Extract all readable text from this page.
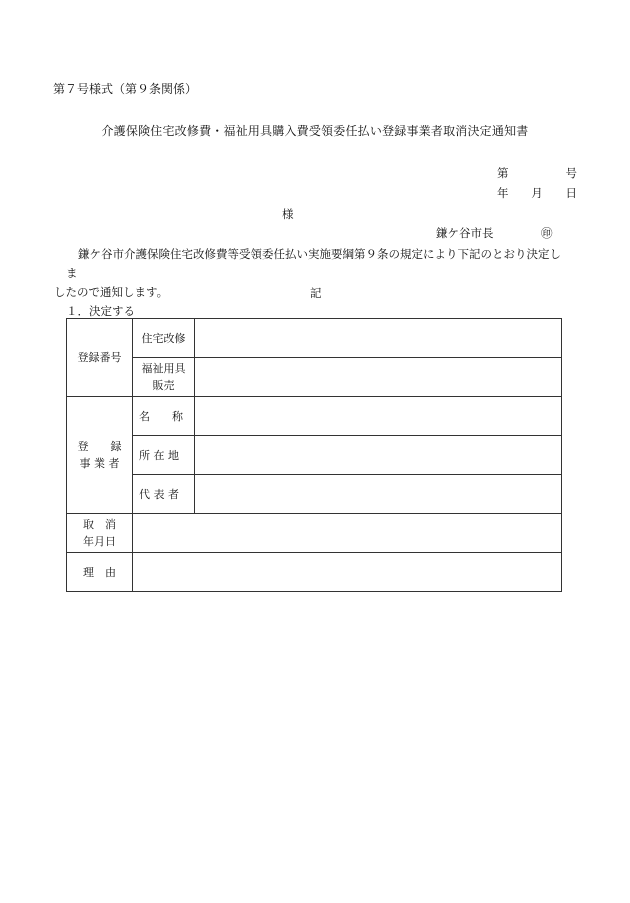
第７号様式（第９条関係）
介護保険住宅改修費・福祉用具購入費受領委任払い登録事業者取消決定通知書
第	号
年 月 日
様
鎌ケ谷市長	㊞
鎌ケ谷市介護保険住宅改修費等受領委任払い実施要綱第９条の規定により下記のとおり決定しま
したので通知します。	記
１．決定する
登録番号	住宅改修	

	福祉用具
販売	

登　　録
事 業 者	名　　称	
	所 在 地	
	代 表 者	

取　消
年月日		

理　由		
